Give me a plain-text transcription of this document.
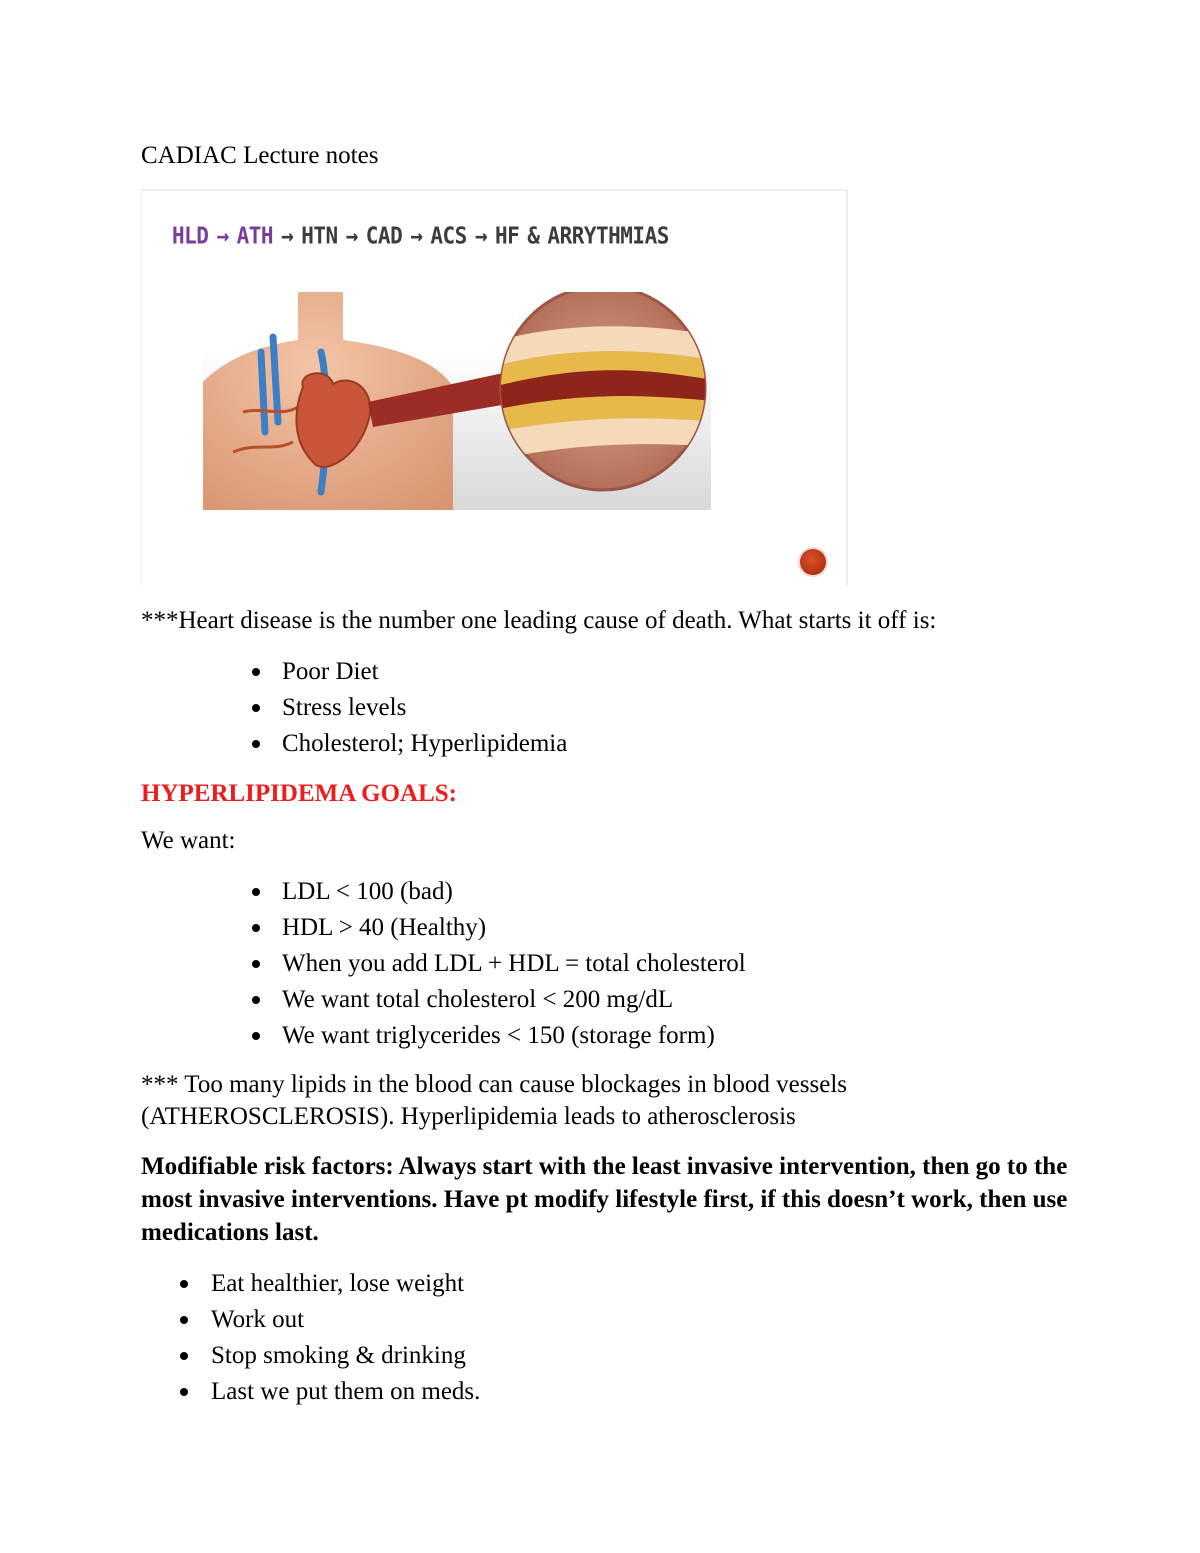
CADIAC Lecture notes
HLD → ATH → HTN → CAD → ACS → HF & ARRYTHMIAS
***Heart disease is the number one leading cause of death. What starts it off is:
Poor Diet
Stress levels
Cholesterol; Hyperlipidemia
HYPERLIPIDEMA GOALS:
We want:
LDL < 100 (bad)
HDL > 40 (Healthy)
When you add LDL + HDL = total cholesterol
We want total cholesterol < 200 mg/dL
We want triglycerides < 150 (storage form)
*** Too many lipids in the blood can cause blockages in blood vessels (ATHEROSCLEROSIS). Hyperlipidemia leads to atherosclerosis
Modifiable risk factors: Always start with the least invasive intervention, then go to the most invasive interventions. Have pt modify lifestyle first, if this doesn’t work, then use medications last.
Eat healthier, lose weight
Work out
Stop smoking & drinking
Last we put them on meds.
